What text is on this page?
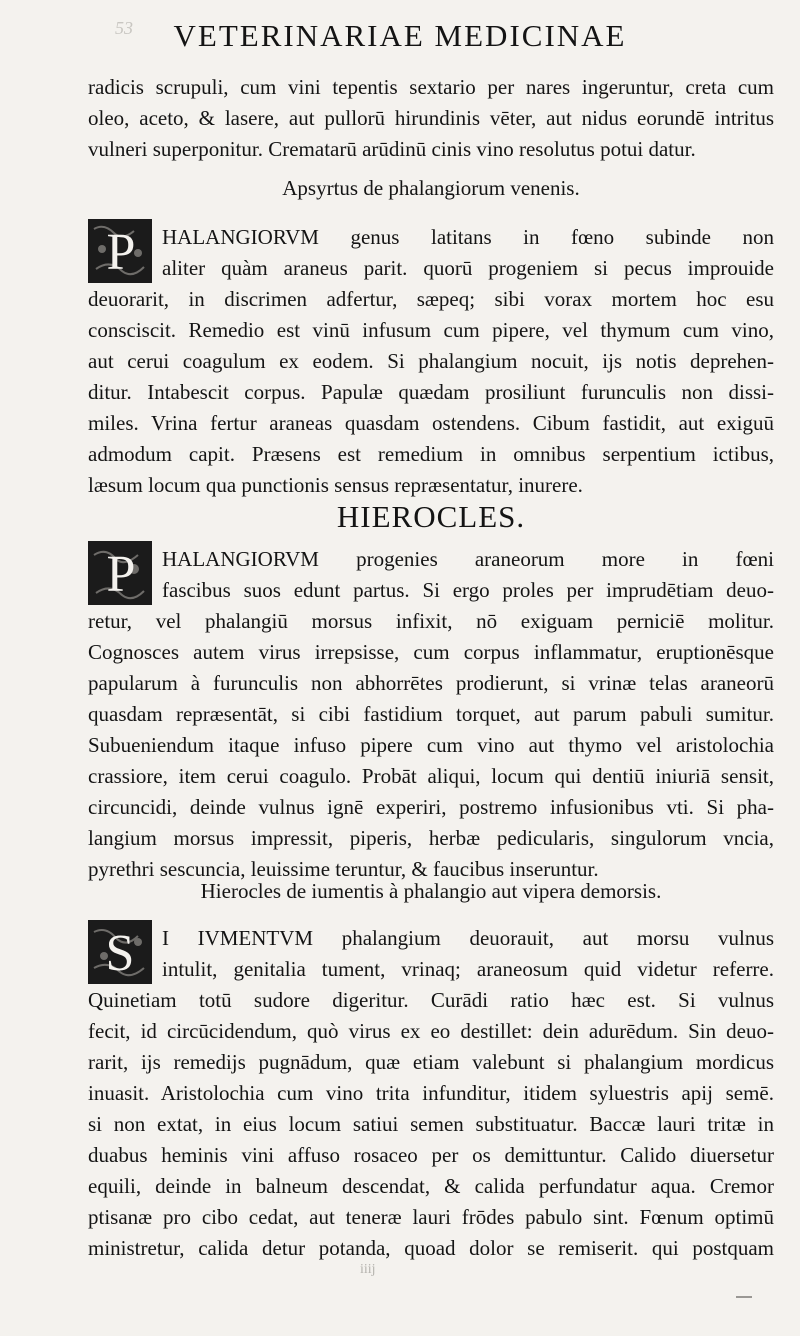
53	VETERINARIAE MEDICINAE
radicis scrupuli, cum vini tepentis sextario per nares ingeruntur, creta cum
oleo, aceto, & lasere, aut pullorū hirundinis vēter, aut nidus eorundē intritus
vulneri superponitur. Crematarū arūdinū cinis vino resolutus potui datur.
Apsyrtus de phalangiorum venenis.
P	HALANGIORVM genus latitans in fœno subinde non
aliter quàm araneus parit. quorū progeniem si pecus improuide
deuorarit, in discrimen adfertur, sæpeq; sibi vorax mortem hoc esu
consciscit. Remedio est vinū infusum cum pipere, vel thymum cum vino,
aut cerui coagulum ex eodem. Si phalangium nocuit, ijs notis deprehen-
ditur. Intabescit corpus. Papulæ quædam prosiliunt furunculis non dissi-
miles. Vrina fertur araneas quasdam ostendens. Cibum fastidit, aut exiguū
admodum capit. Præsens est remedium in omnibus serpentium ictibus,
læsum locum qua punctionis sensus repræsentatur, inurere.
HIEROCLES.
P	HALANGIORVM progenies araneorum more in fœni
fascibus suos edunt partus. Si ergo proles per imprudētiam deuo-
retur, vel phalangiū morsus infixit, nō exiguam perniciē molitur.
Cognosces autem virus irrepsisse, cum corpus inflammatur, eruptionēsque
papularum à furunculis non abhorrētes prodierunt, si vrinæ telas araneorū
quasdam repræsentāt, si cibi fastidium torquet, aut parum pabuli sumitur.
Subueniendum itaque infuso pipere cum vino aut thymo vel aristolochia
crassiore, item cerui coagulo. Probāt aliqui, locum qui dentiū iniuriā sensit,
circuncidi, deinde vulnus ignē experiri, postremo infusionibus vti. Si pha-
langium morsus impressit, piperis, herbæ pedicularis, singulorum vncia,
pyrethri sescuncia, leuissime teruntur, & faucibus inseruntur.
Hierocles de iumentis à phalangio aut vipera demorsis.
S	I IVMENTVM phalangium deuorauit, aut morsu vulnus
intulit, genitalia tument, vrinaq; araneosum quid videtur referre.
Quinetiam totū sudore digeritur. Curādi ratio hæc est. Si vulnus
fecit, id circūcidendum, quò virus ex eo destillet: dein adurēdum. Sin deuo-
rarit, ijs remedijs pugnādum, quæ etiam valebunt si phalangium mordicus
inuasit. Aristolochia cum vino trita infunditur, itidem syluestris apij semē.
si non extat, in eius locum satiui semen substituatur. Baccæ lauri tritæ in
duabus heminis vini affuso rosaceo per os demittuntur. Calido diuersetur
equili, deinde in balneum descendat, & calida perfundatur aqua. Cremor
ptisanæ pro cibo cedat, aut teneræ lauri frōdes pabulo sint. Fœnum optimū
ministretur, calida detur potanda, quoad dolor se remiserit. qui postquam
iiij
